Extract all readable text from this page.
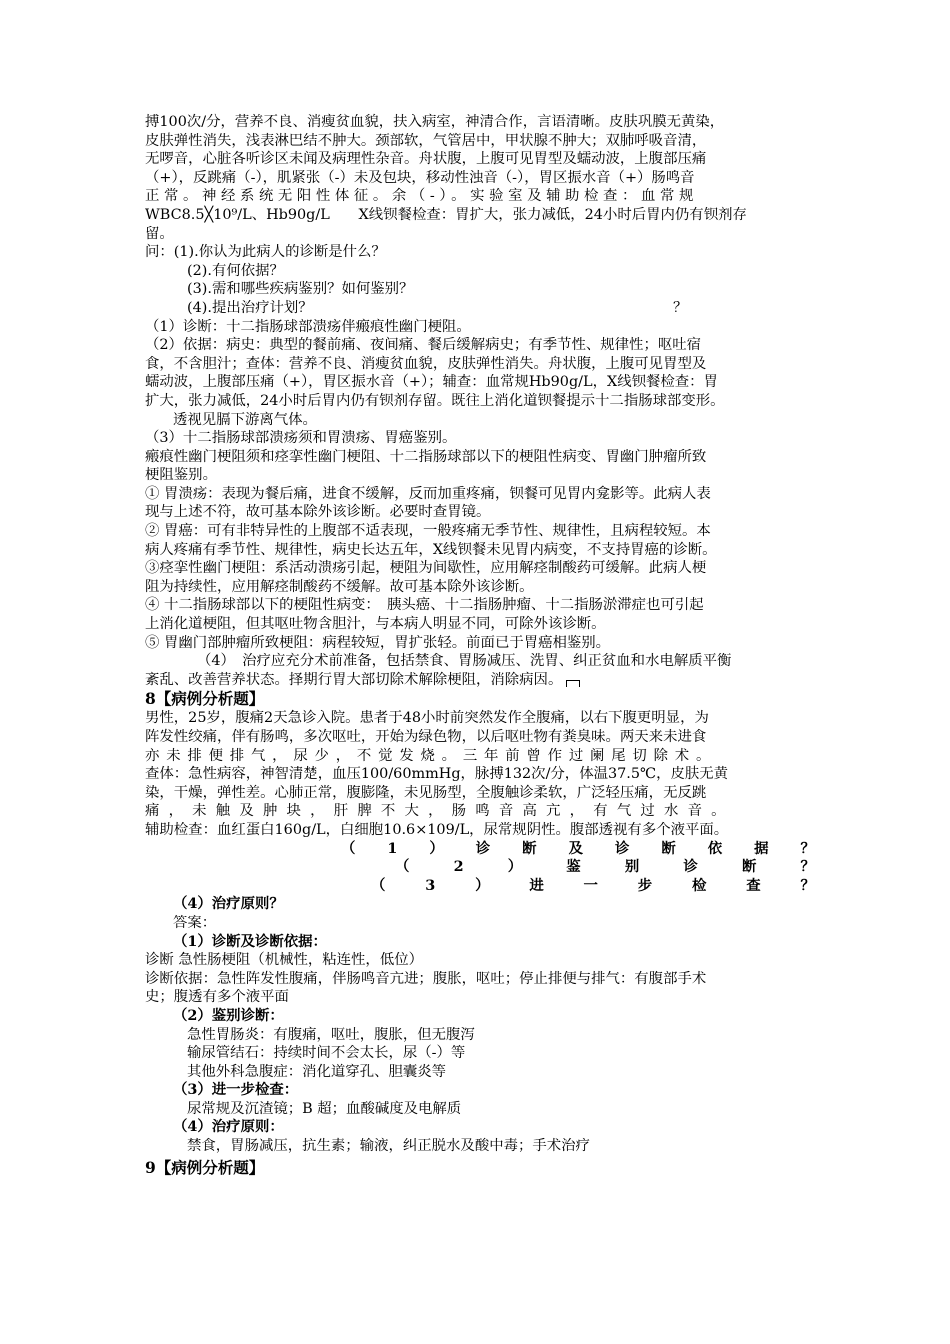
搏100次/分，营养不良、消瘦贫血貌，扶入病室，神清合作，言语清晰。皮肤巩膜无黄染，
皮肤弹性消失，浅表淋巴结不肿大。颈部软，气管居中，甲状腺不肿大；双肺呼吸音清，
无啰音，心脏各听诊区未闻及病理性杂音。舟状腹，上腹可见胃型及蠕动波，上腹部压痛
（+），反跳痛（-），肌紧张（-）未及包块，移动性浊音（-），胃区振水音（+）肠鸣音
正常。神经系统无阳性体征。余（-）。实验室及辅助检查：血常规
WBC8.5╳10⁹/L、Hb90g/L　　X线钡餐检查：胃扩大，张力减低，24小时后胃内仍有钡剂存
留。
问：(1).你认为此病人的诊断是什么？
(2).有何依据？
(3).需和哪些疾病鉴别？如何鉴别？
(4).提出治疗计划？	？
（1）诊断：十二指肠球部溃疡伴瘢痕性幽门梗阻。
（2）依据：病史：典型的餐前痛、夜间痛、餐后缓解病史；有季节性、规律性；呕吐宿
食，不含胆汁；查体：营养不良、消瘦贫血貌，皮肤弹性消失。舟状腹，上腹可见胃型及
蠕动波，上腹部压痛（+），胃区振水音（+）；辅查：血常规Hb90g/L，X线钡餐检查：胃
扩大，张力减低，24小时后胃内仍有钡剂存留。既往上消化道钡餐提示十二指肠球部变形。
透视见膈下游离气体。
（3）十二指肠球部溃疡须和胃溃疡、胃癌鉴别。
瘢痕性幽门梗阻须和痉挛性幽门梗阻、十二指肠球部以下的梗阻性病变、胃幽门肿瘤所致
梗阻鉴别。
① 胃溃疡：表现为餐后痛，进食不缓解，反而加重疼痛，钡餐可见胃内龛影等。此病人表
现与上述不符，故可基本除外该诊断。必要时查胃镜。
② 胃癌：可有非特异性的上腹部不适表现，一般疼痛无季节性、规律性，且病程较短。本
病人疼痛有季节性、规律性，病史长达五年，X线钡餐未见胃内病变，不支持胃癌的诊断。
③痉挛性幽门梗阻：系活动溃疡引起，梗阻为间歇性，应用解痉制酸药可缓解。此病人梗
阻为持续性，应用解痉制酸药不缓解。故可基本除外该诊断。
④ 十二指肠球部以下的梗阻性病变：　胰头癌、十二指肠肿瘤、十二指肠淤滞症也可引起
上消化道梗阻，但其呕吐物含胆汁，与本病人明显不同，可除外该诊断。
⑤ 胃幽门部肿瘤所致梗阻：病程较短，胃扩张轻。前面已于胃癌相鉴别。
（4）　治疗应充分术前准备，包括禁食、胃肠减压、洗胃、纠正贫血和水电解质平衡
紊乱、改善营养状态。择期行胃大部切除术解除梗阻，消除病因。
8【病例分析题】
男性，25岁，腹痛2天急诊入院。患者于48小时前突然发作全腹痛，以右下腹更明显，为
阵发性绞痛，伴有肠鸣，多次呕吐，开始为绿色物，以后呕吐物有粪臭味。两天来未进食
亦未排便排气，尿少，不觉发烧。三年前曾作过阑尾切除术。
查体：急性病容，神智清楚，血压100/60mmHg，脉搏132次/分，体温37.5℃，皮肤无黄
染，干燥，弹性差。心肺正常，腹膨隆，未见肠型，全腹触诊柔软，广泛轻压痛，无反跳
痛，未触及肿块，肝脾不大，肠鸣音高亢，有气过水音。
辅助检查：血红蛋白160g/L，白细胞10.6×109/L，尿常规阴性。腹部透视有多个液平面。
（ 1 ） 诊 断 及 诊 断 依 据 ？
（	2	）	鉴	别	诊	断	？
（	3	）	进	一	步	检	查	？
（4）治疗原则？
答案：
（1）诊断及诊断依据：
诊断 急性肠梗阻（机械性，粘连性，低位）
诊断依据：急性阵发性腹痛，伴肠鸣音亢进；腹胀，呕吐；停止排便与排气：有腹部手术
史；腹透有多个液平面
（2）鉴别诊断：
急性胃肠炎：有腹痛，呕吐，腹胀，但无腹泻
输尿管结石：持续时间不会太长，尿（-）等
其他外科急腹症：消化道穿孔、胆囊炎等
（3）进一步检查：
尿常规及沉渣镜；B 超；血酸碱度及电解质
（4）治疗原则：
禁食，胃肠减压，抗生素；输液，纠正脱水及酸中毒；手术治疗
9【病例分析题】
